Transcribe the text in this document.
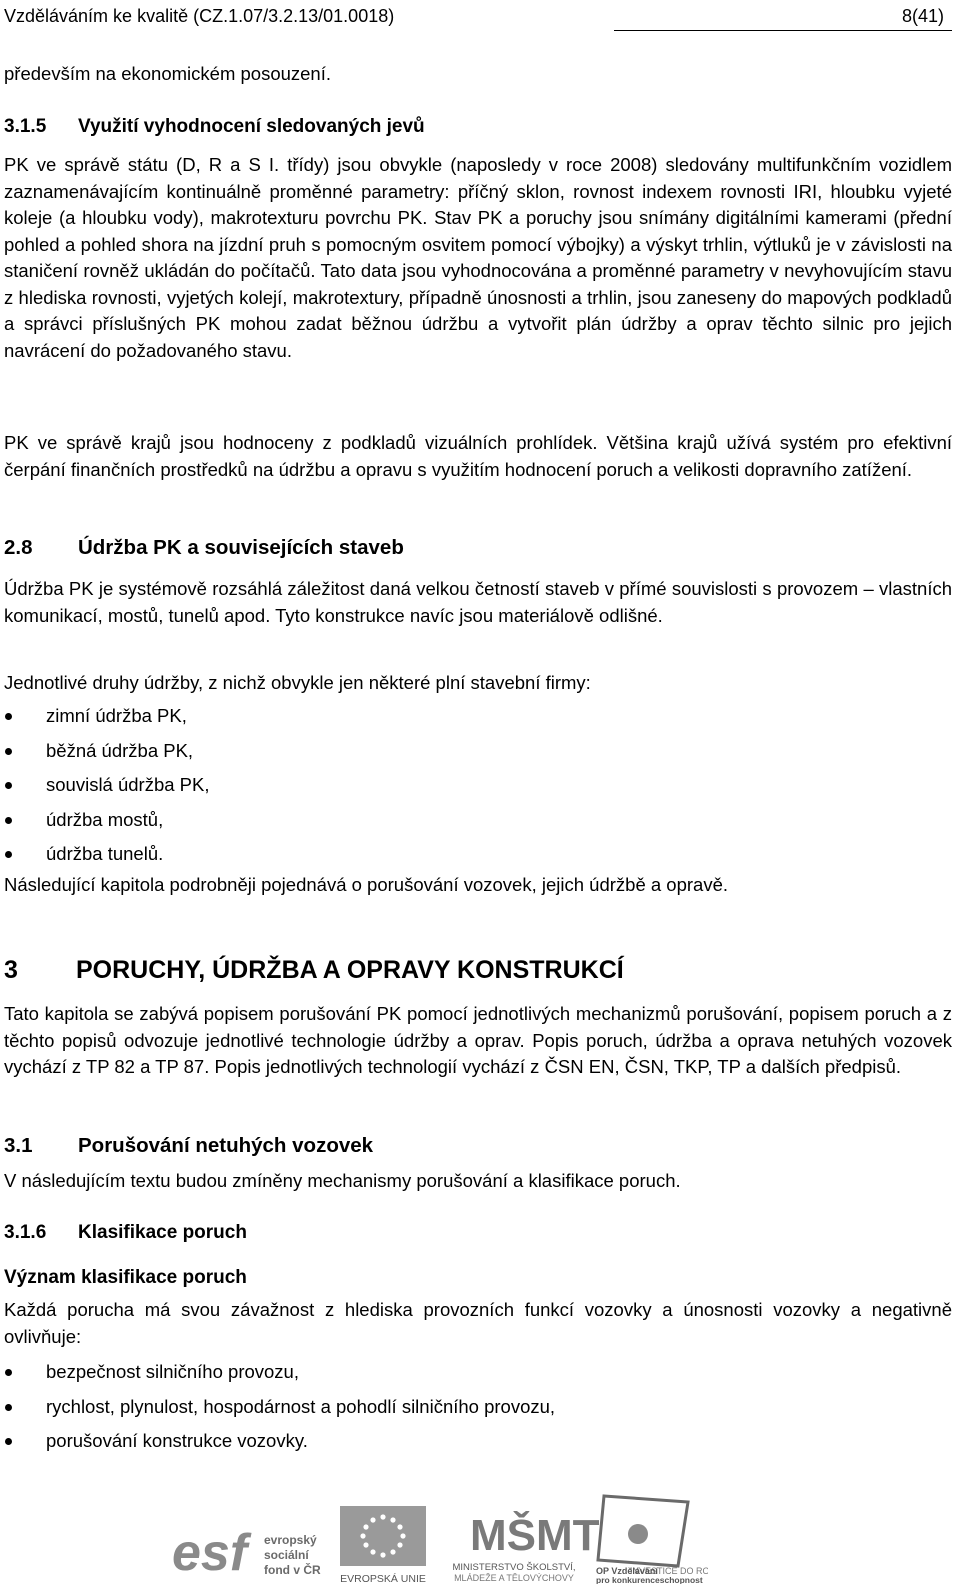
Vzděláváním ke kvalitě (CZ.1.07/3.2.13/01.0018)	8(41)
především na ekonomickém posouzení.
3.1.5 Využití vyhodnocení sledovaných jevů
PK ve správě státu (D, R a S I. třídy) jsou obvykle (naposledy v roce 2008) sledovány multifunkčním vozidlem zaznamenávajícím kontinuálně proměnné parametry: příčný sklon, rovnost indexem rovnosti IRI, hloubku vyjeté koleje (a hloubku vody), makrotexturu povrchu PK. Stav PK a poruchy jsou snímány digitálními kamerami (přední pohled a pohled shora na jízdní pruh s pomocným osvitem pomocí výbojky) a výskyt trhlin, výtluků je v závislosti na staničení rovněž ukládán do počítačů. Tato data jsou vyhodnocována a proměnné parametry v nevyhovujícím stavu z hlediska rovnosti, vyjetých kolejí, makrotextury, případně únosnosti a trhlin, jsou zaneseny do mapových podkladů a správci příslušných PK mohou zadat běžnou údržbu a vytvořit plán údržby a oprav těchto silnic pro jejich navrácení do požadovaného stavu.
PK ve správě krajů jsou hodnoceny z podkladů vizuálních prohlídek. Většina krajů užívá systém pro efektivní čerpání finančních prostředků na údržbu a opravu s využitím hodnocení poruch a velikosti dopravního zatížení.
2.8 Údržba PK a souvisejících staveb
Údržba PK je systémově rozsáhlá záležitost daná velkou četností staveb v přímé souvislosti s provozem – vlastních komunikací, mostů, tunelů apod. Tyto konstrukce navíc jsou materiálově odlišné.
Jednotlivé druhy údržby, z nichž obvykle jen některé plní stavební firmy:
zimní údržba PK,
běžná údržba PK,
souvislá údržba PK,
údržba mostů,
údržba tunelů.
Následující kapitola podrobněji pojednává o porušování vozovek, jejich údržbě a opravě.
3 PORUCHY, ÚDRŽBA A OPRAVY KONSTRUKCÍ
Tato kapitola se zabývá popisem porušování PK pomocí jednotlivých mechanizmů porušování, popisem poruch a z těchto popisů odvozuje jednotlivé technologie údržby a oprav. Popis poruch, údržba a oprava netuhých vozovek vychází z TP 82 a TP 87. Popis jednotlivých technologií vychází z ČSN EN, ČSN, TKP, TP a dalších předpisů.
3.1 Porušování netuhých vozovek
V následujícím textu budou zmíněny mechanismy porušování a klasifikace poruch.
3.1.6 Klasifikace poruch
Význam klasifikace poruch
Každá porucha má svou závažnost z hlediska provozních funkcí vozovky a únosnosti vozovky a negativně ovlivňuje:
bezpečnost silničního provozu,
rychlost, plynulost, hospodárnost a pohodlí silničního provozu,
porušování konstrukce vozovky.
esf	evropský
sociální
fond v ČR
EVROPSKÁ UNIE
MŠMT
MINISTERSTVO ŠKOLSTVÍ,
MLÁDEŽE A TĚLOVÝCHOVY
INVESTICE DO RO
OP Vzdělávání
pro konkurenceschopnost
